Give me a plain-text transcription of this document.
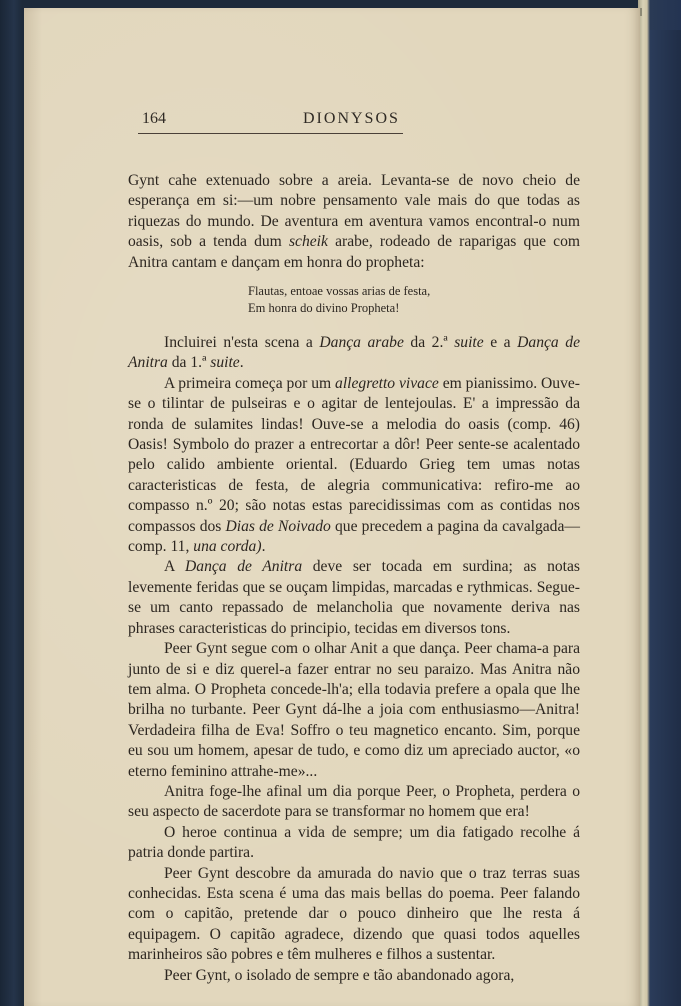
164	DIONYSOS

Gynt cahe extenuado sobre a areia. Levanta-se de novo cheio de esperança em si:—um nobre pensamento vale mais do que todas as riquezas do mundo. De aventura em aventura vamos encontral-o num oasis, sob a tenda dum scheik arabe, rodeado de raparigas que com Anitra cantam e dançam em honra do propheta:

Flautas, entoae vossas arias de festa,
Em honra do divino Propheta!

Incluirei n'esta scena a Dança arabe da 2.ª suite e a Dança de Anitra da 1.ª suite.

A primeira começa por um allegretto vivace em pianissimo. Ouve-se o tilintar de pulseiras e o agitar de lentejoulas. E' a impressão da ronda de sulamites lindas! Ouve-se a melodia do oasis (comp. 46) Oasis! Symbolo do prazer a entrecortar a dôr! Peer sente-se acalentado pelo calido ambiente oriental. (Eduardo Grieg tem umas notas caracteristicas de festa, de alegria communicativa: refiro-me ao compasso n.º 20; são notas estas parecidissimas com as contidas nos compassos dos Dias de Noivado que precedem a pagina da cavalgada—comp. 11, una corda).

A Dança de Anitra deve ser tocada em surdina; as notas levemente feridas que se ouçam limpidas, marcadas e rythmicas. Segue-se um canto repassado de melancholia que novamente deriva nas phrases caracteristicas do principio, tecidas em diversos tons.

Peer Gynt segue com o olhar Anit a que dança. Peer chama-a para junto de si e diz querel-a fazer entrar no seu paraizo. Mas Anitra não tem alma. O Propheta concede-lh'a; ella todavia prefere a opala que lhe brilha no turbante. Peer Gynt dá-lhe a joia com enthusiasmo—Anitra! Verdadeira filha de Eva! Soffro o teu magnetico encanto. Sim, porque eu sou um homem, apesar de tudo, e como diz um apreciado auctor, «o eterno feminino attrahe-me»...

Anitra foge-lhe afinal um dia porque Peer, o Propheta, perdera o seu aspecto de sacerdote para se transformar no homem que era!

O heroe continua a vida de sempre; um dia fatigado recolhe á patria donde partira.

Peer Gynt descobre da amurada do navio que o traz terras suas conhecidas. Esta scena é uma das mais bellas do poema. Peer falando com o capitão, pretende dar o pouco dinheiro que lhe resta á equipagem. O capitão agradece, dizendo que quasi todos aquelles marinheiros são pobres e têm mulheres e filhos a sustentar.

Peer Gynt, o isolado de sempre e tão abandonado agora,
